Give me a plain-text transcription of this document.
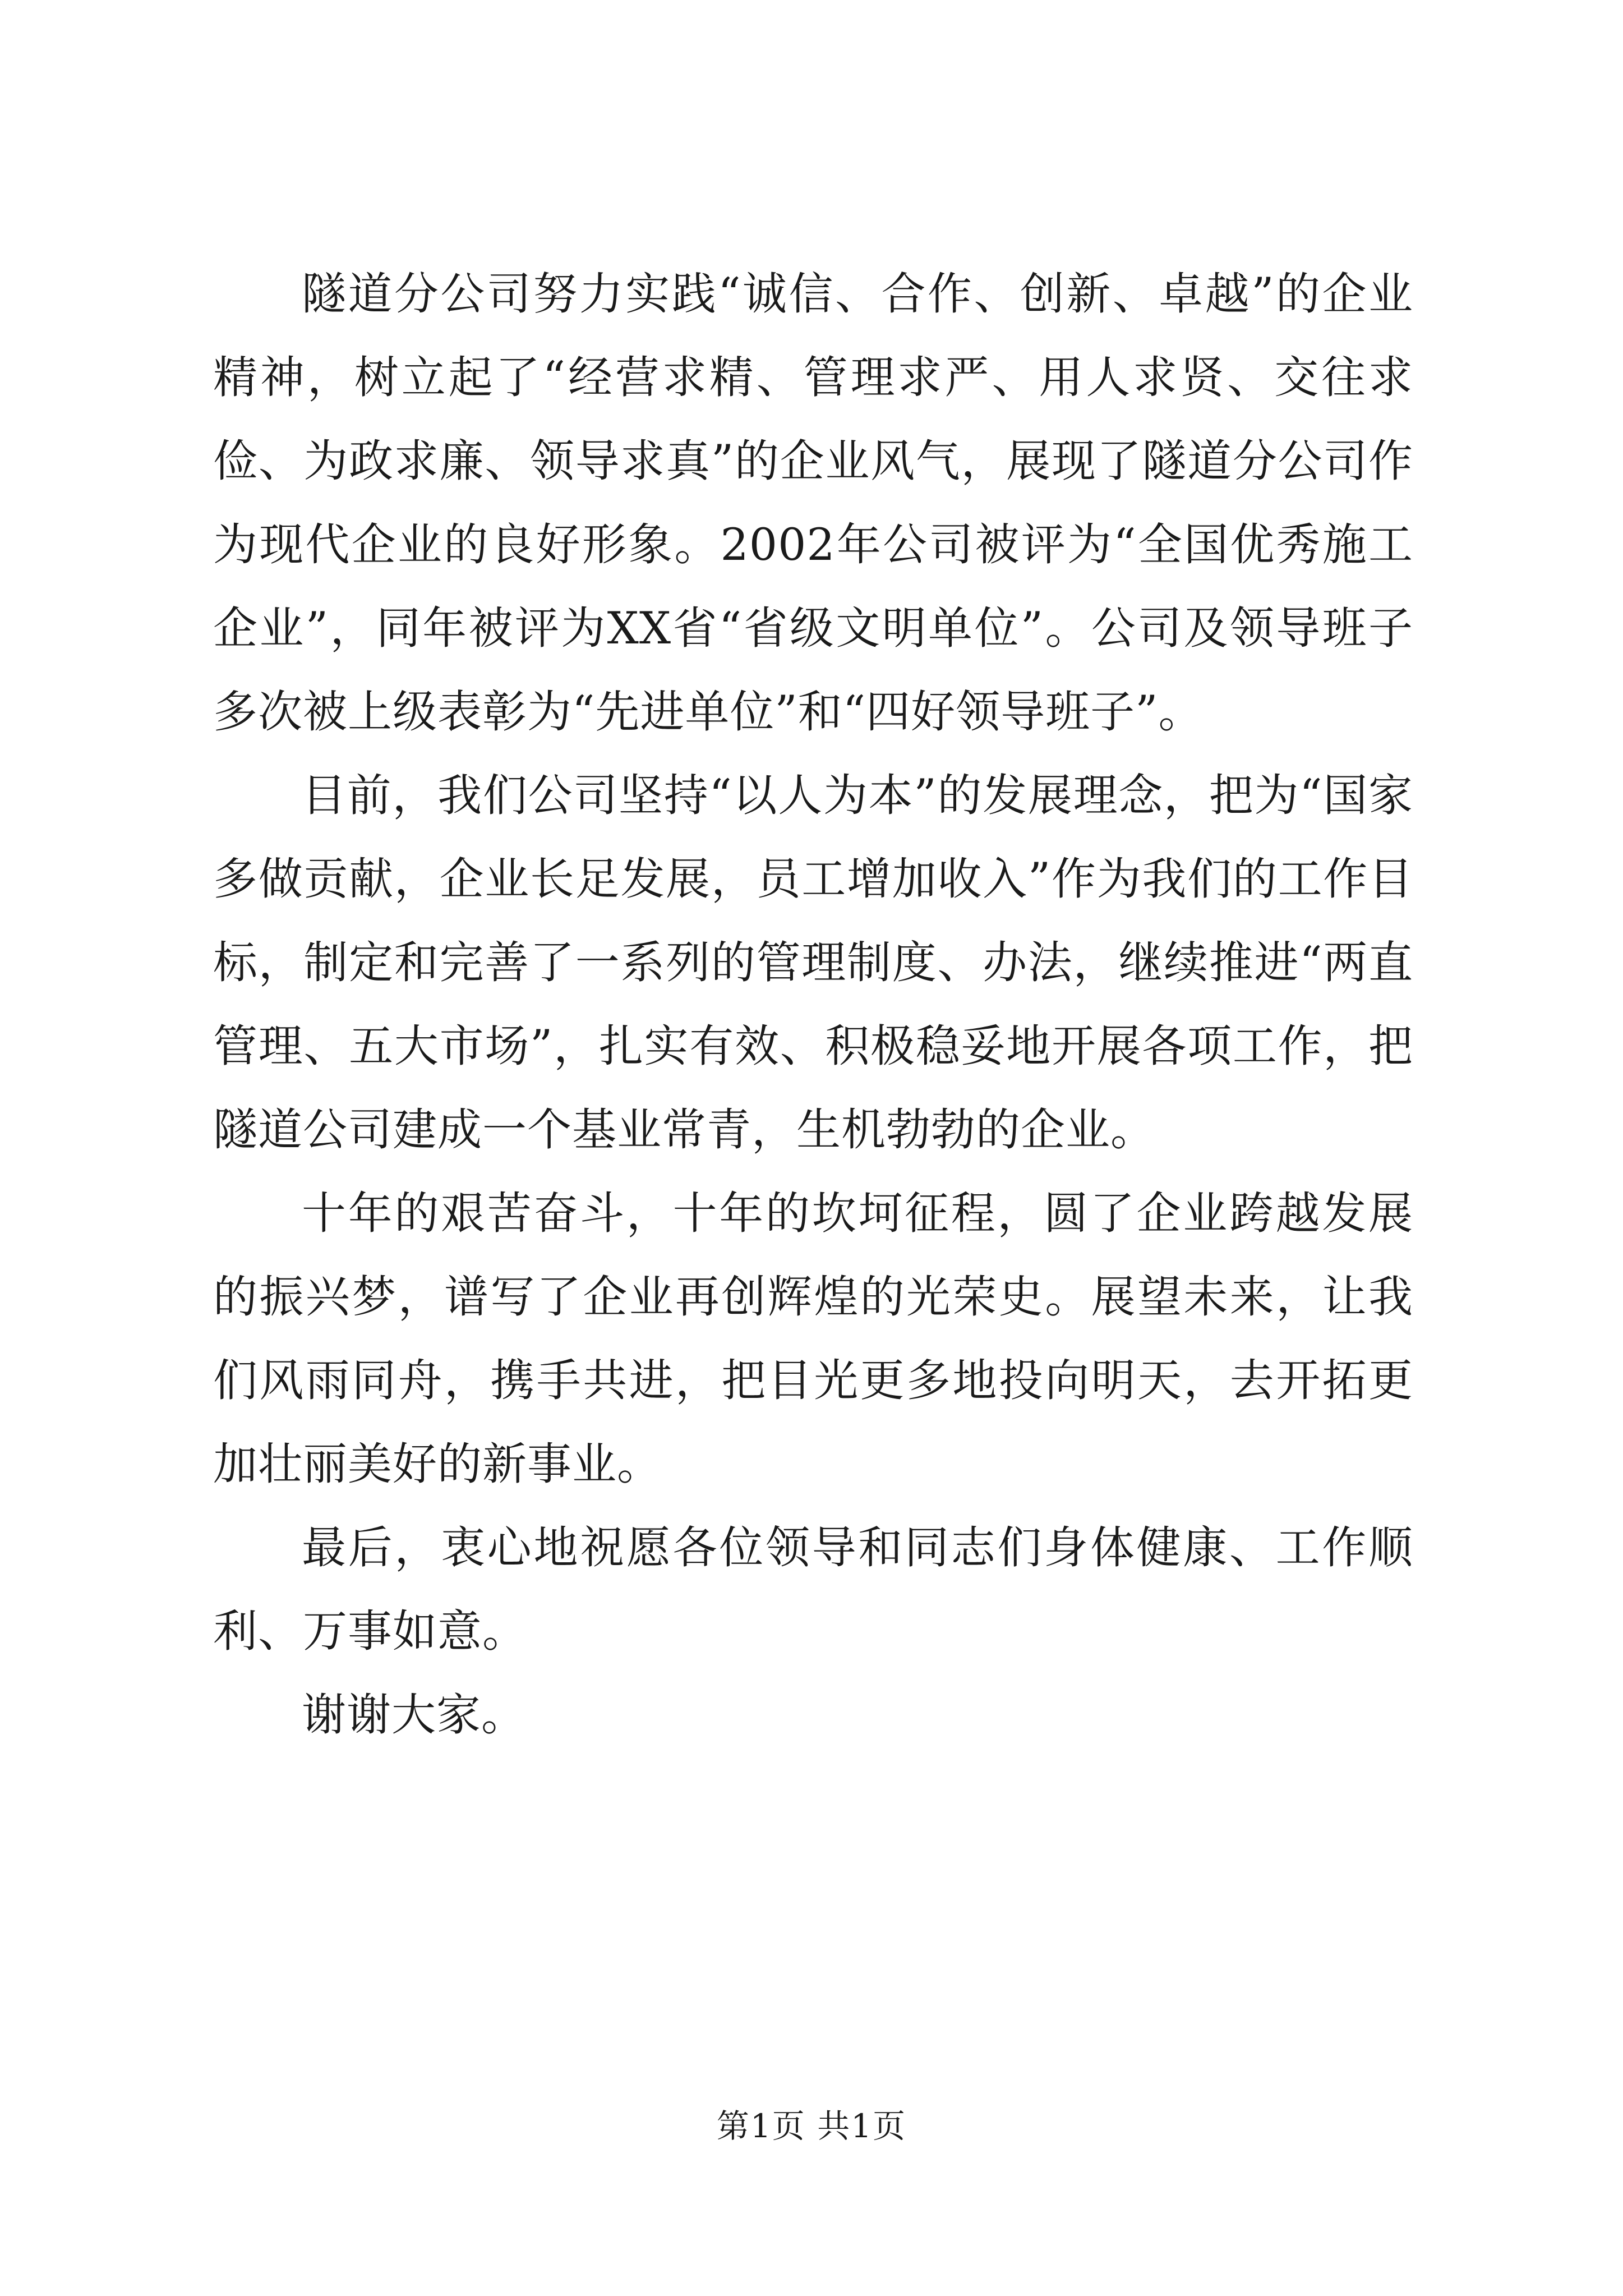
隧道分公司努力实践“诚信、合作、创新、卓越”的企业精神，树立起了“经营求精、管理求严、用人求贤、交往求俭、为政求廉、领导求真”的企业风气，展现了隧道分公司作为现代企业的良好形象。2002年公司被评为“全国优秀施工企业”，同年被评为XX省“省级文明单位”。公司及领导班子多次被上级表彰为“先进单位”和“四好领导班子”。

目前，我们公司坚持“以人为本”的发展理念，把为“国家多做贡献，企业长足发展，员工增加收入”作为我们的工作目标，制定和完善了一系列的管理制度、办法，继续推进“两直管理、五大市场”，扎实有效、积极稳妥地开展各项工作，把隧道公司建成一个基业常青，生机勃勃的企业。

十年的艰苦奋斗，十年的坎坷征程，圆了企业跨越发展的振兴梦，谱写了企业再创辉煌的光荣史。展望未来，让我们风雨同舟，携手共进，把目光更多地投向明天，去开拓更加壮丽美好的新事业。

最后，衷心地祝愿各位领导和同志们身体健康、工作顺利、万事如意。

谢谢大家。

第1页 共1页
